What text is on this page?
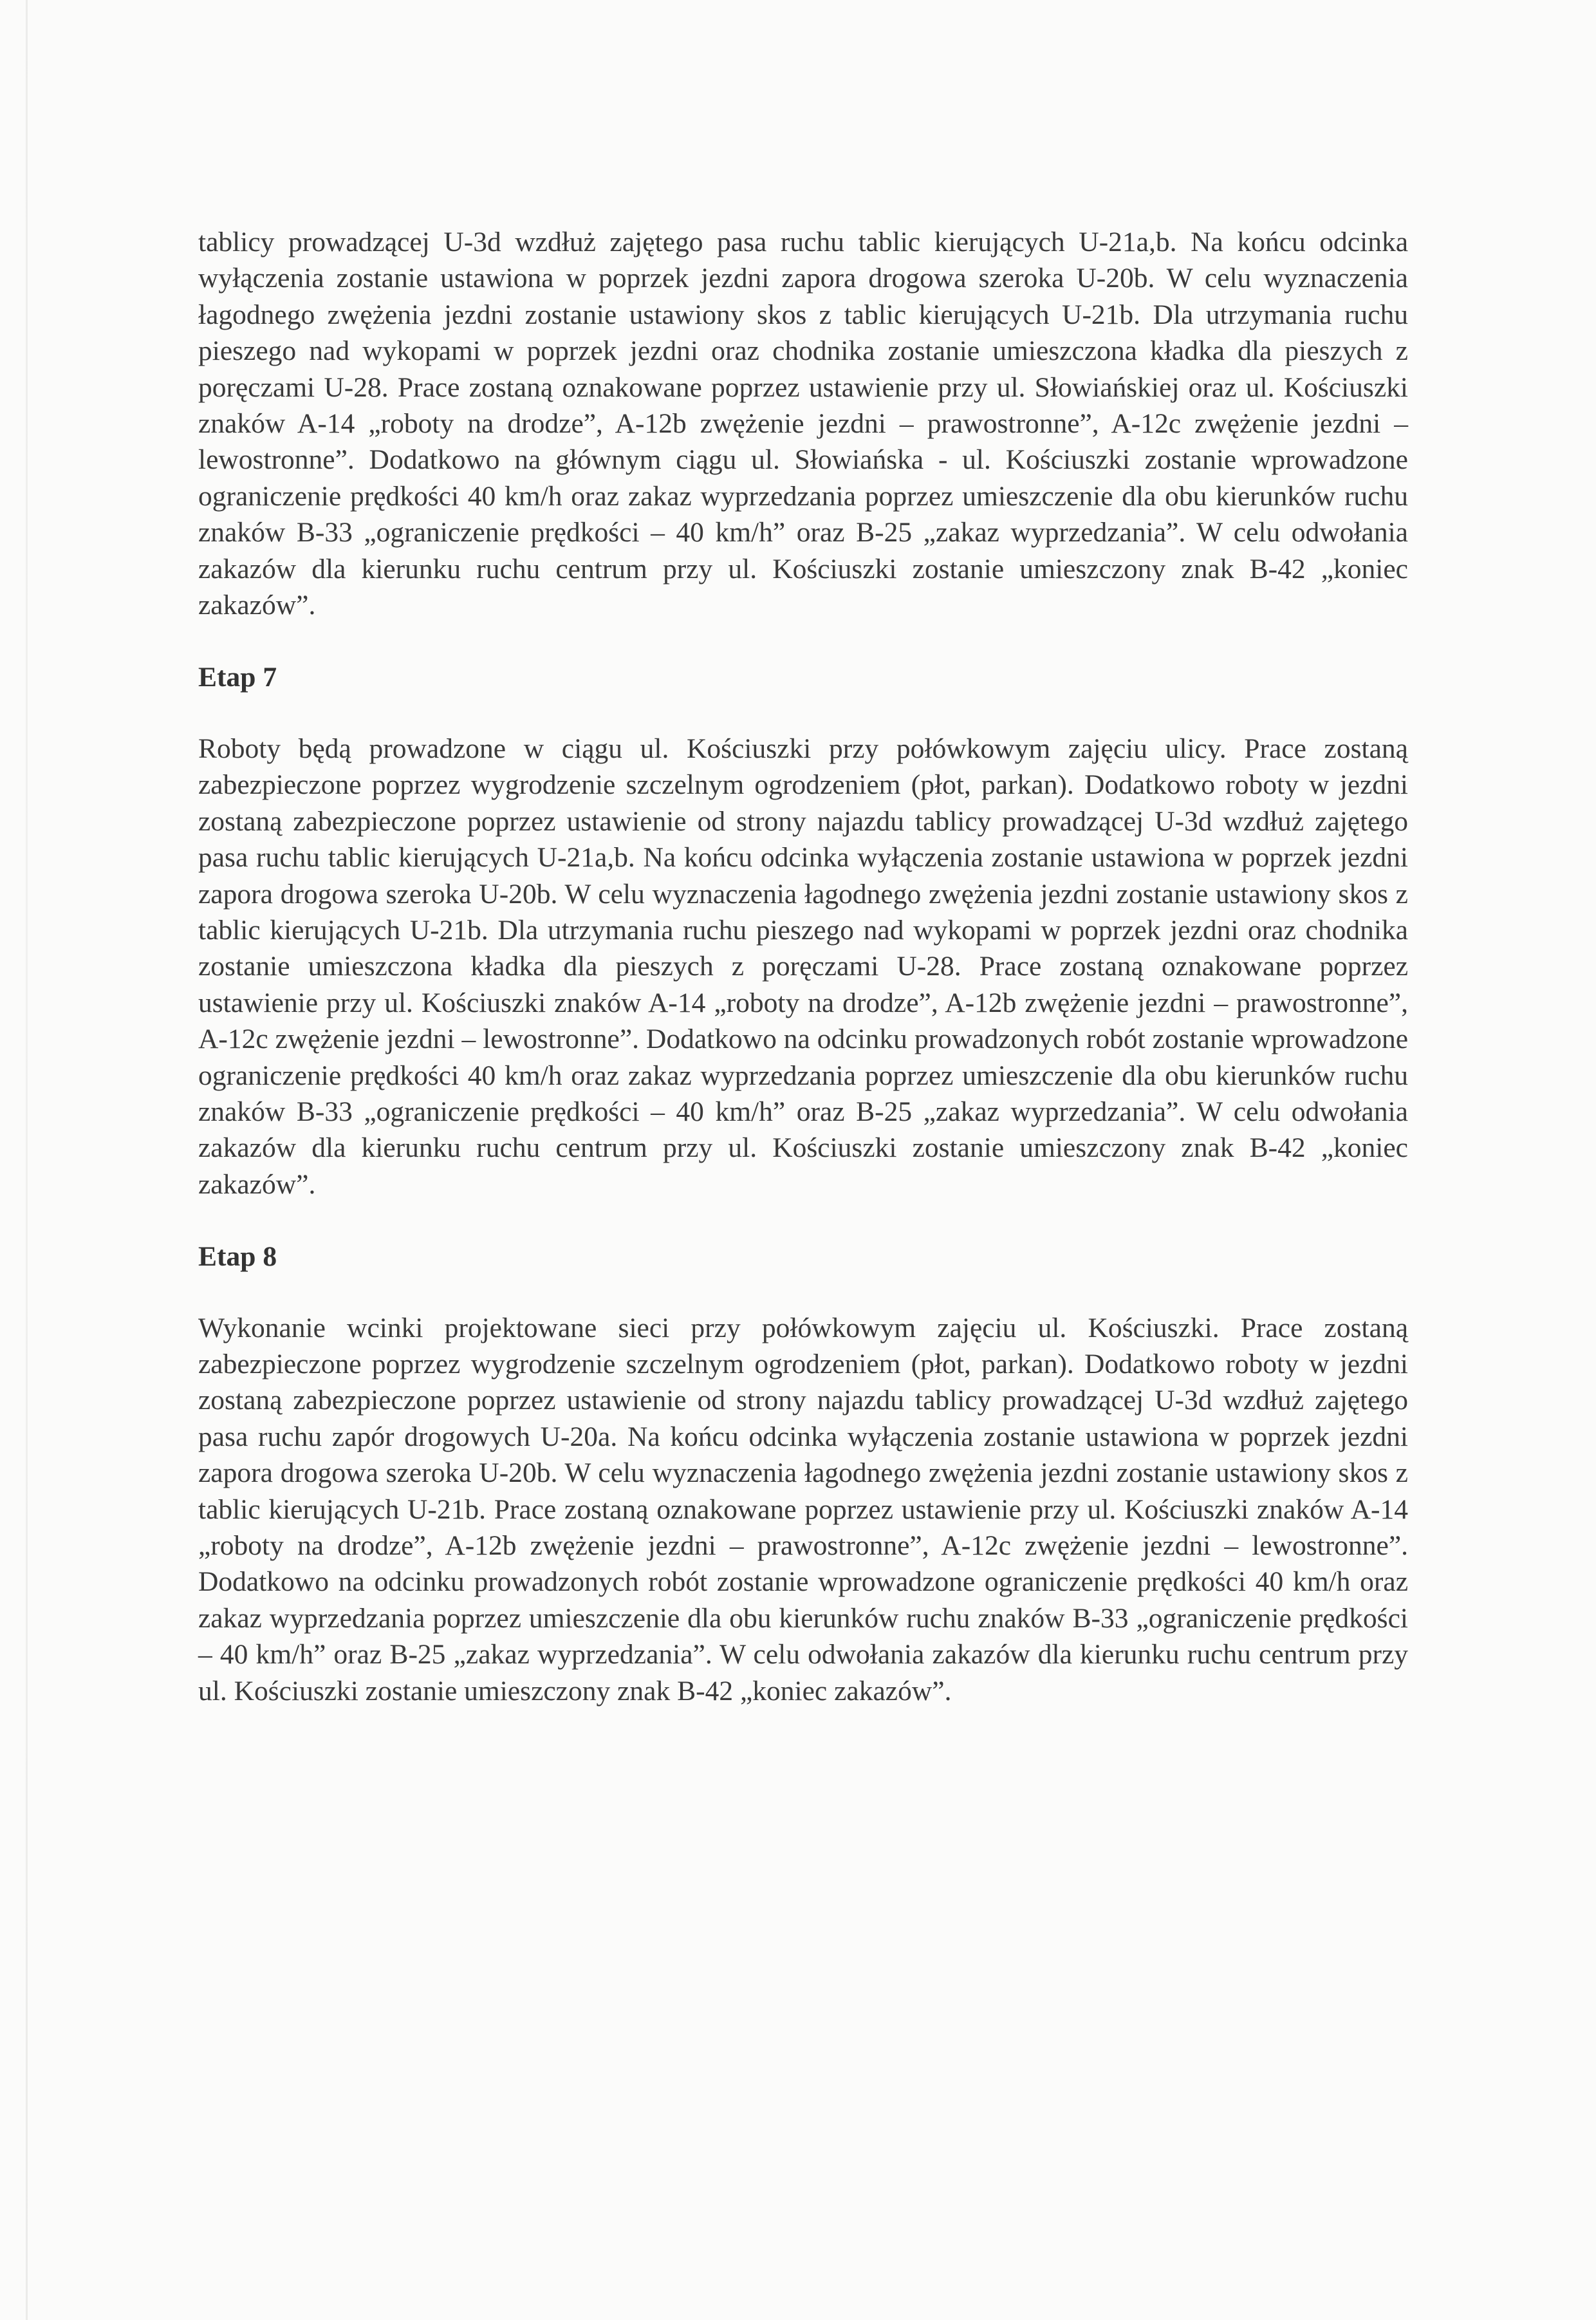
tablicy prowadzącej U-3d wzdłuż zajętego pasa ruchu tablic kierujących U-21a,b. Na końcu odcinka wyłączenia zostanie ustawiona w poprzek jezdni zapora drogowa szeroka U-20b. W celu wyznaczenia łagodnego zwężenia jezdni zostanie ustawiony skos z tablic kierujących U-21b. Dla utrzymania ruchu pieszego nad wykopami w poprzek jezdni oraz chodnika zostanie umieszczona kładka dla pieszych z poręczami U-28. Prace zostaną oznakowane poprzez ustawienie przy ul. Słowiańskiej oraz ul. Kościuszki znaków A-14 „roboty na drodze”, A-12b zwężenie jezdni – prawostronne”, A-12c zwężenie jezdni – lewostronne”. Dodatkowo na głównym ciągu ul. Słowiańska - ul. Kościuszki zostanie wprowadzone ograniczenie prędkości 40 km/h oraz zakaz wyprzedzania poprzez umieszczenie dla obu kierunków ruchu znaków B-33 „ograniczenie prędkości – 40 km/h” oraz B-25 „zakaz wyprzedzania”. W celu odwołania zakazów dla kierunku ruchu centrum przy ul. Kościuszki zostanie umieszczony znak B-42 „koniec zakazów”.

Etap 7

Roboty będą prowadzone w ciągu ul. Kościuszki przy połówkowym zajęciu ulicy. Prace zostaną zabezpieczone poprzez wygrodzenie szczelnym ogrodzeniem (płot, parkan). Dodatkowo roboty w jezdni zostaną zabezpieczone poprzez ustawienie od strony najazdu tablicy prowadzącej U-3d wzdłuż zajętego pasa ruchu tablic kierujących U-21a,b. Na końcu odcinka wyłączenia zostanie ustawiona w poprzek jezdni zapora drogowa szeroka U-20b. W celu wyznaczenia łagodnego zwężenia jezdni zostanie ustawiony skos z tablic kierujących U-21b. Dla utrzymania ruchu pieszego nad wykopami w poprzek jezdni oraz chodnika zostanie umieszczona kładka dla pieszych z poręczami U-28. Prace zostaną oznakowane poprzez ustawienie przy ul. Kościuszki znaków A-14 „roboty na drodze”, A-12b zwężenie jezdni – prawostronne”, A-12c zwężenie jezdni – lewostronne”. Dodatkowo na odcinku prowadzonych robót zostanie wprowadzone ograniczenie prędkości 40 km/h oraz zakaz wyprzedzania poprzez umieszczenie dla obu kierunków ruchu znaków B-33 „ograniczenie prędkości – 40 km/h” oraz B-25 „zakaz wyprzedzania”. W celu odwołania zakazów dla kierunku ruchu centrum przy ul. Kościuszki zostanie umieszczony znak B-42 „koniec zakazów”.

Etap 8

Wykonanie wcinki projektowane sieci przy połówkowym zajęciu ul. Kościuszki. Prace zostaną zabezpieczone poprzez wygrodzenie szczelnym ogrodzeniem (płot, parkan). Dodatkowo roboty w jezdni zostaną zabezpieczone poprzez ustawienie od strony najazdu tablicy prowadzącej U-3d wzdłuż zajętego pasa ruchu zapór drogowych U-20a. Na końcu odcinka wyłączenia zostanie ustawiona w poprzek jezdni zapora drogowa szeroka U-20b. W celu wyznaczenia łagodnego zwężenia jezdni zostanie ustawiony skos z tablic kierujących U-21b. Prace zostaną oznakowane poprzez ustawienie przy ul. Kościuszki znaków A-14 „roboty na drodze”, A-12b zwężenie jezdni – prawostronne”, A-12c zwężenie jezdni – lewostronne”. Dodatkowo na odcinku prowadzonych robót zostanie wprowadzone ograniczenie prędkości 40 km/h oraz zakaz wyprzedzania poprzez umieszczenie dla obu kierunków ruchu znaków B-33 „ograniczenie prędkości – 40 km/h” oraz B-25 „zakaz wyprzedzania”. W celu odwołania zakazów dla kierunku ruchu centrum przy ul. Kościuszki zostanie umieszczony znak B-42 „koniec zakazów”.
